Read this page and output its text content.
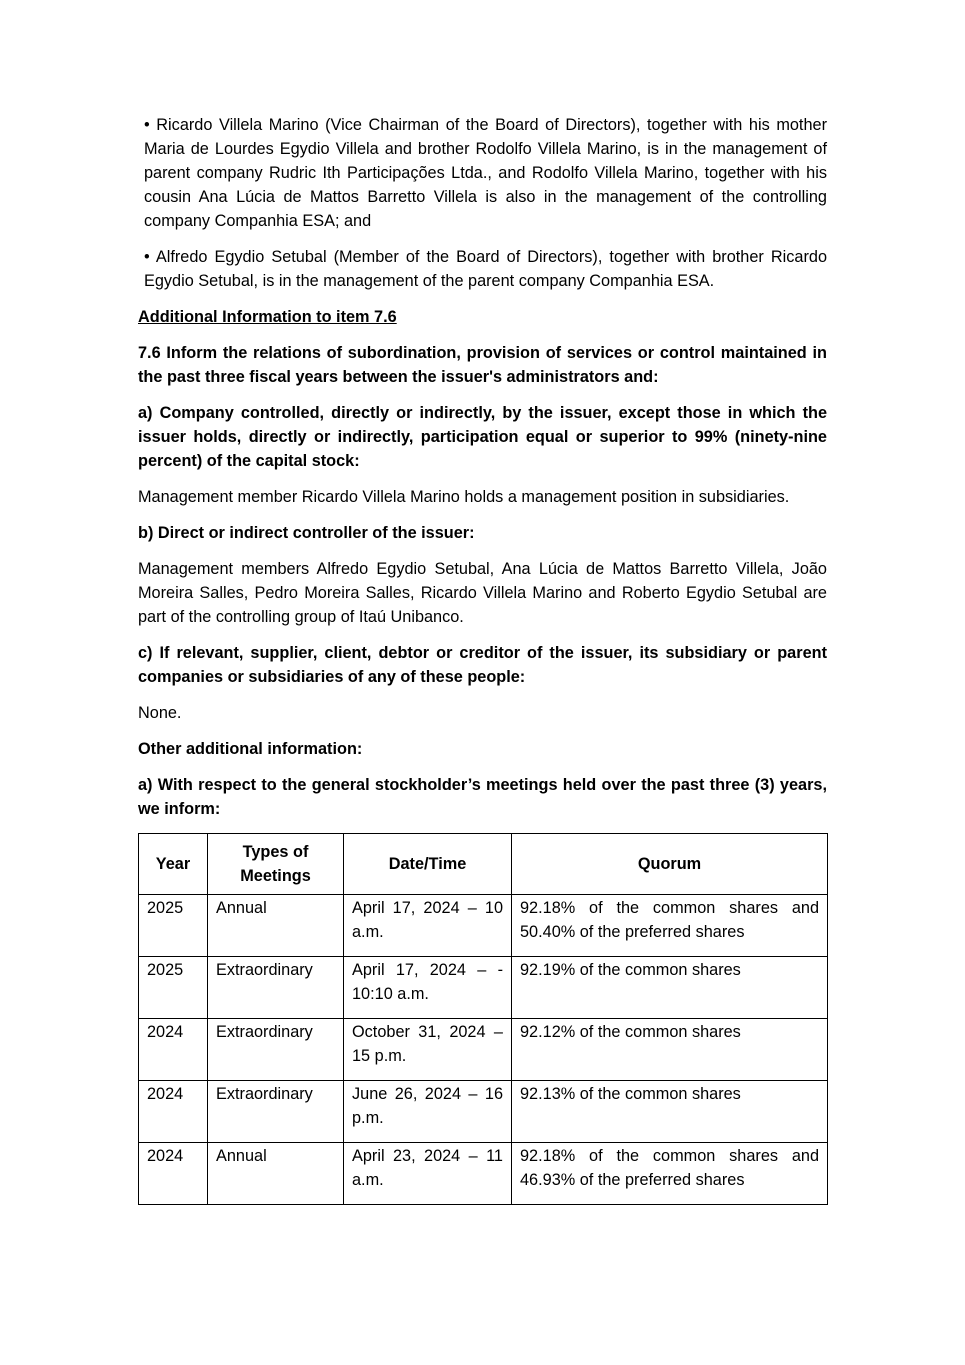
• Ricardo Villela Marino (Vice Chairman of the Board of Directors), together with his mother Maria de Lourdes Egydio Villela and brother Rodolfo Villela Marino, is in the management of parent company Rudric Ith Participações Ltda., and Rodolfo Villela Marino, together with his cousin Ana Lúcia de Mattos Barretto Villela is also in the management of the controlling company Companhia ESA; and

• Alfredo Egydio Setubal (Member of the Board of Directors), together with brother Ricardo Egydio Setubal, is in the management of the parent company Companhia ESA.

Additional Information to item 7.6

7.6 Inform the relations of subordination, provision of services or control maintained in the past three fiscal years between the issuer's administrators and:

a) Company controlled, directly or indirectly, by the issuer, except those in which the issuer holds, directly or indirectly, participation equal or superior to 99% (ninety-nine percent) of the capital stock:

Management member Ricardo Villela Marino holds a management position in subsidiaries.

b) Direct or indirect controller of the issuer:

Management members Alfredo Egydio Setubal, Ana Lúcia de Mattos Barretto Villela, João Moreira Salles, Pedro Moreira Salles, Ricardo Villela Marino and Roberto Egydio Setubal are part of the controlling group of Itaú Unibanco.

c) If relevant, supplier, client, debtor or creditor of the issuer, its subsidiary or parent companies or subsidiaries of any of these people:

None.

Other additional information:

a) With respect to the general stockholder’s meetings held over the past three (3) years, we inform:

Year	Types of Meetings	Date/Time	Quorum
2025	Annual	April 17, 2024 – 10 a.m.	92.18% of the common shares and 50.40% of the preferred shares
2025	Extraordinary	April 17, 2024 – - 10:10 a.m.	92.19% of the common shares
2024	Extraordinary	October 31, 2024 – 15 p.m.	92.12% of the common shares
2024	Extraordinary	June 26, 2024 – 16 p.m.	92.13% of the common shares
2024	Annual	April 23, 2024 – 11 a.m.	92.18% of the common shares and 46.93% of the preferred shares
